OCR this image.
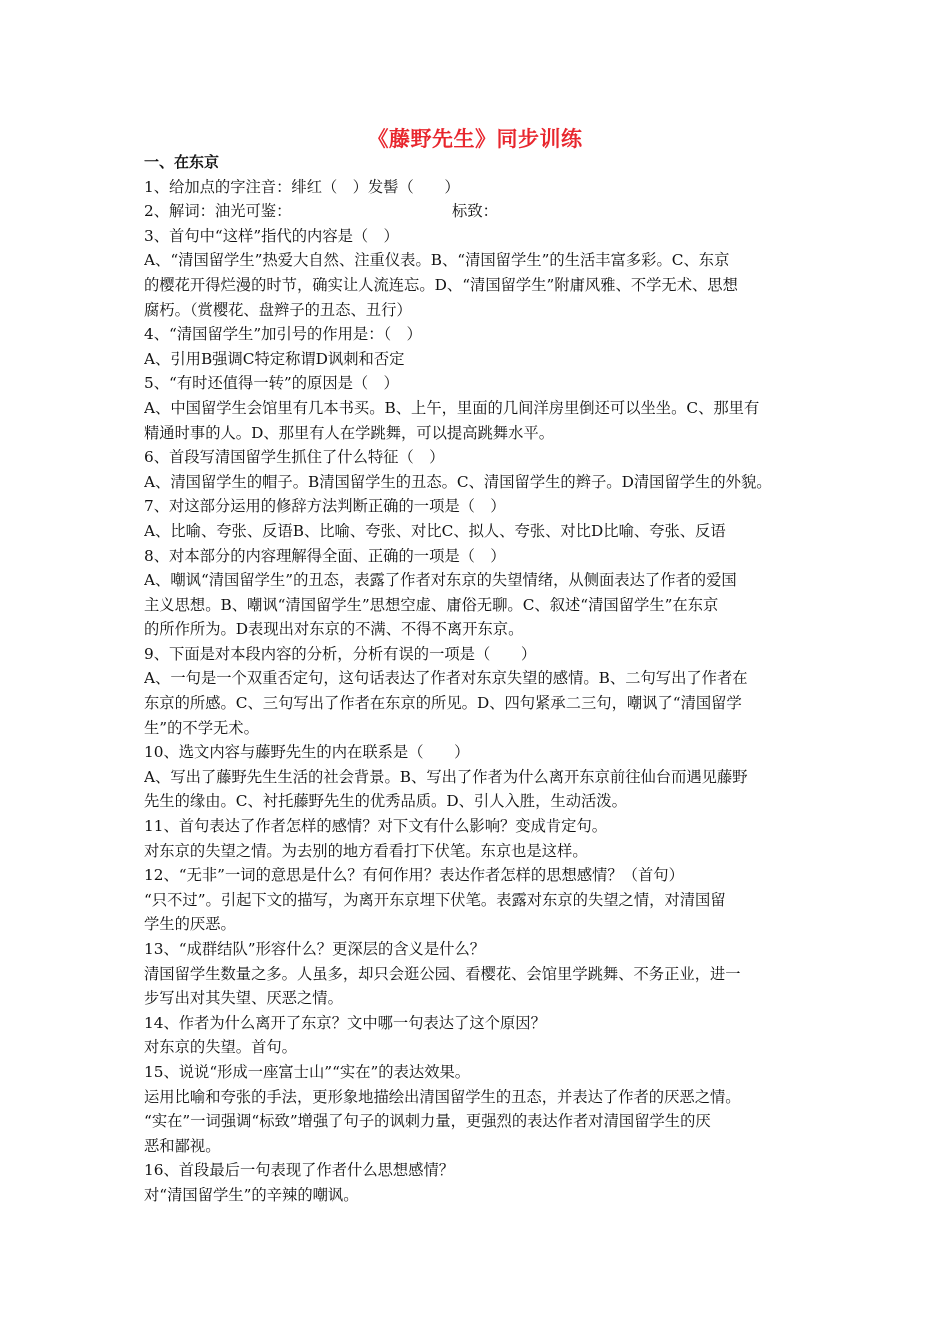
《藤野先生》同步训练
一、在东京
1、给加点的字注音：绯红（　）发髻（　　）
2、解词：油光可鉴：　　　　　　　　　　　标致：
3、首句中“这样”指代的内容是（　）
A、“清国留学生”热爱大自然、注重仪表。B、“清国留学生”的生活丰富多彩。C、东京
的樱花开得烂漫的时节，确实让人流连忘。D、“清国留学生”附庸风雅、不学无术、思想
腐朽。（赏樱花、盘辫子的丑态、丑行）
4、“清国留学生”加引号的作用是：（　）
A、引用B强调C特定称谓D讽刺和否定
5、“有时还值得一转”的原因是（　）
A、中国留学生会馆里有几本书买。B、上午，里面的几间洋房里倒还可以坐坐。C、那里有
精通时事的人。D、那里有人在学跳舞，可以提高跳舞水平。
6、首段写清国留学生抓住了什么特征（　）
A、清国留学生的帽子。B清国留学生的丑态。C、清国留学生的辫子。D清国留学生的外貌。
7、对这部分运用的修辞方法判断正确的一项是（　）
A、比喻、夸张、反语B、比喻、夸张、对比C、拟人、夸张、对比D比喻、夸张、反语
8、对本部分的内容理解得全面、正确的一项是（　）
A、嘲讽“清国留学生”的丑态，表露了作者对东京的失望情绪，从侧面表达了作者的爱国
主义思想。B、嘲讽“清国留学生”思想空虚、庸俗无聊。C、叙述“清国留学生”在东京
的所作所为。D表现出对东京的不满、不得不离开东京。
9、下面是对本段内容的分析，分析有误的一项是（　　）
A、一句是一个双重否定句，这句话表达了作者对东京失望的感情。B、二句写出了作者在
东京的所感。C、三句写出了作者在东京的所见。D、四句紧承二三句，嘲讽了“清国留学
生”的不学无术。
10、选文内容与藤野先生的内在联系是（　　）
A、写出了藤野先生生活的社会背景。B、写出了作者为什么离开东京前往仙台而遇见藤野
先生的缘由。C、衬托藤野先生的优秀品质。D、引人入胜，生动活泼。
11、首句表达了作者怎样的感情？对下文有什么影响？变成肯定句。
对东京的失望之情。为去别的地方看看打下伏笔。东京也是这样。
12、“无非”一词的意思是什么？有何作用？表达作者怎样的思想感情？（首句）
“只不过”。引起下文的描写，为离开东京埋下伏笔。表露对东京的失望之情，对清国留
学生的厌恶。
13、“成群结队”形容什么？更深层的含义是什么？
清国留学生数量之多。人虽多，却只会逛公园、看樱花、会馆里学跳舞、不务正业，进一
步写出对其失望、厌恶之情。
14、作者为什么离开了东京？文中哪一句表达了这个原因？
对东京的失望。首句。
15、说说“形成一座富士山”“实在”的表达效果。
运用比喻和夸张的手法，更形象地描绘出清国留学生的丑态，并表达了作者的厌恶之情。
“实在”一词强调“标致”增强了句子的讽刺力量，更强烈的表达作者对清国留学生的厌
恶和鄙视。
16、首段最后一句表现了作者什么思想感情？
对“清国留学生”的辛辣的嘲讽。
